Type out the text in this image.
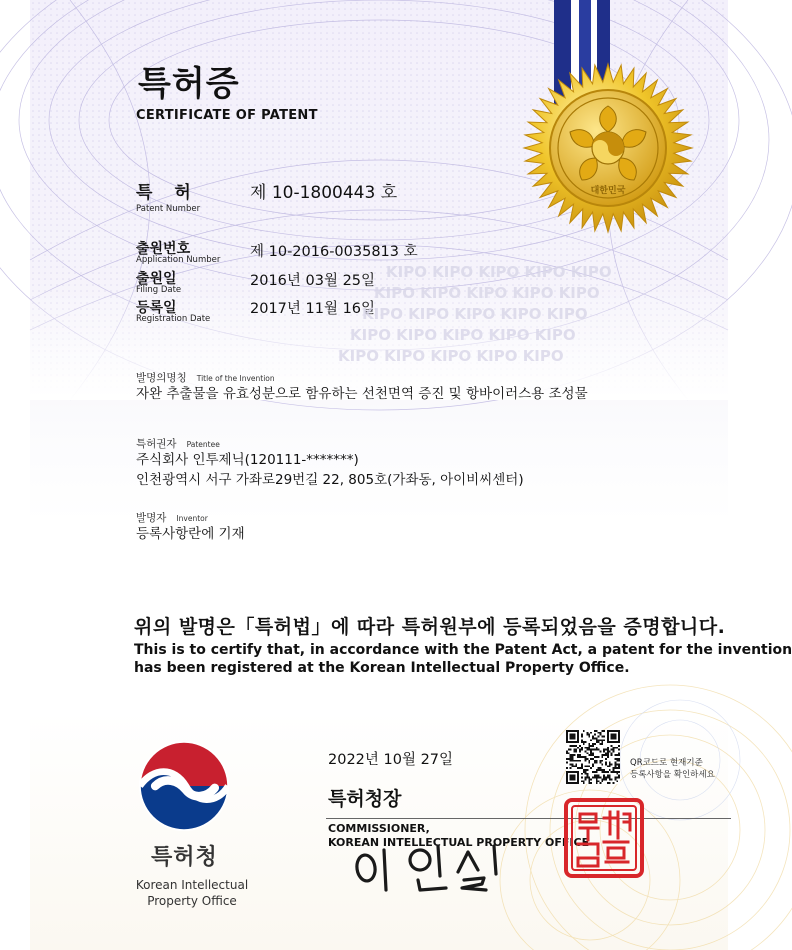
대한민국
특허증
CERTIFICATE OF PATENT
특 허
Patent Number
제 10-1800443 호
출원번호
Application Number 제 10-2016-0035813 호
출원일
Filing Date
2016년 03월 25일
등록일
Registration Date
2017년 11월 16일
KIPO KIPO KIPO KIPO KIPO
KIPO KIPO KIPO KIPO KIPO
KIPO KIPO KIPO KIPO KIPO
KIPO KIPO KIPO KIPO KIPO
KIPO KIPO KIPO KIPO KIPO
발명의명칭 Title of the Invention
자완 추출물을 유효성분으로 함유하는 선천면역 증진 및 항바이러스용 조성물
특허권자 Patentee
주식회사 인투제닉(120111-*******)
인천광역시 서구 가좌로29번길 22, 805호(가좌동, 아이비씨센터)
발명자 Inventor
등록사항란에 기재
위의 발명은「특허법」에 따라 특허원부에 등록되었음을 증명합니다.
This is to certify that, in accordance with the Patent Act, a patent for the invention
has been registered at the Korean Intellectual Property Office.
특허청
Korean Intellectual
Property Office
2022년 10월 27일	QR코드로 현재기준
등록사항을 확인하세요
특허청장
COMMISSIONER,
KOREAN INTELLECTUAL PROPERTY OFFICE
